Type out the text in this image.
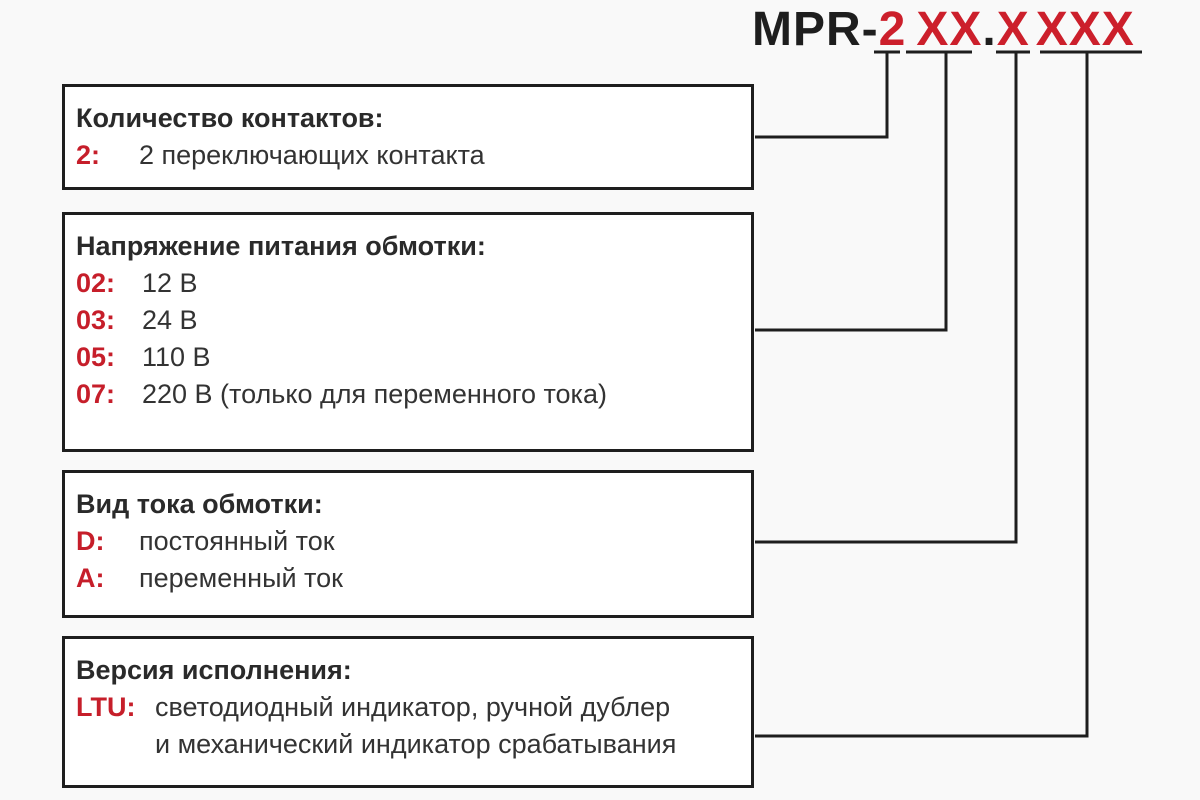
MPR-2 XX.X XXX
Количество контактов:
2: 2 переключающих контакта
Напряжение питания обмотки:
02: 12 В
03: 24 В
05: 110 В
07: 220 В (только для переменного тока)
Вид тока обмотки:
D: постоянный ток
A: переменный ток
Версия исполнения:
LTU: светодиодный индикатор, ручной дублер
и механический индикатор срабатывания
